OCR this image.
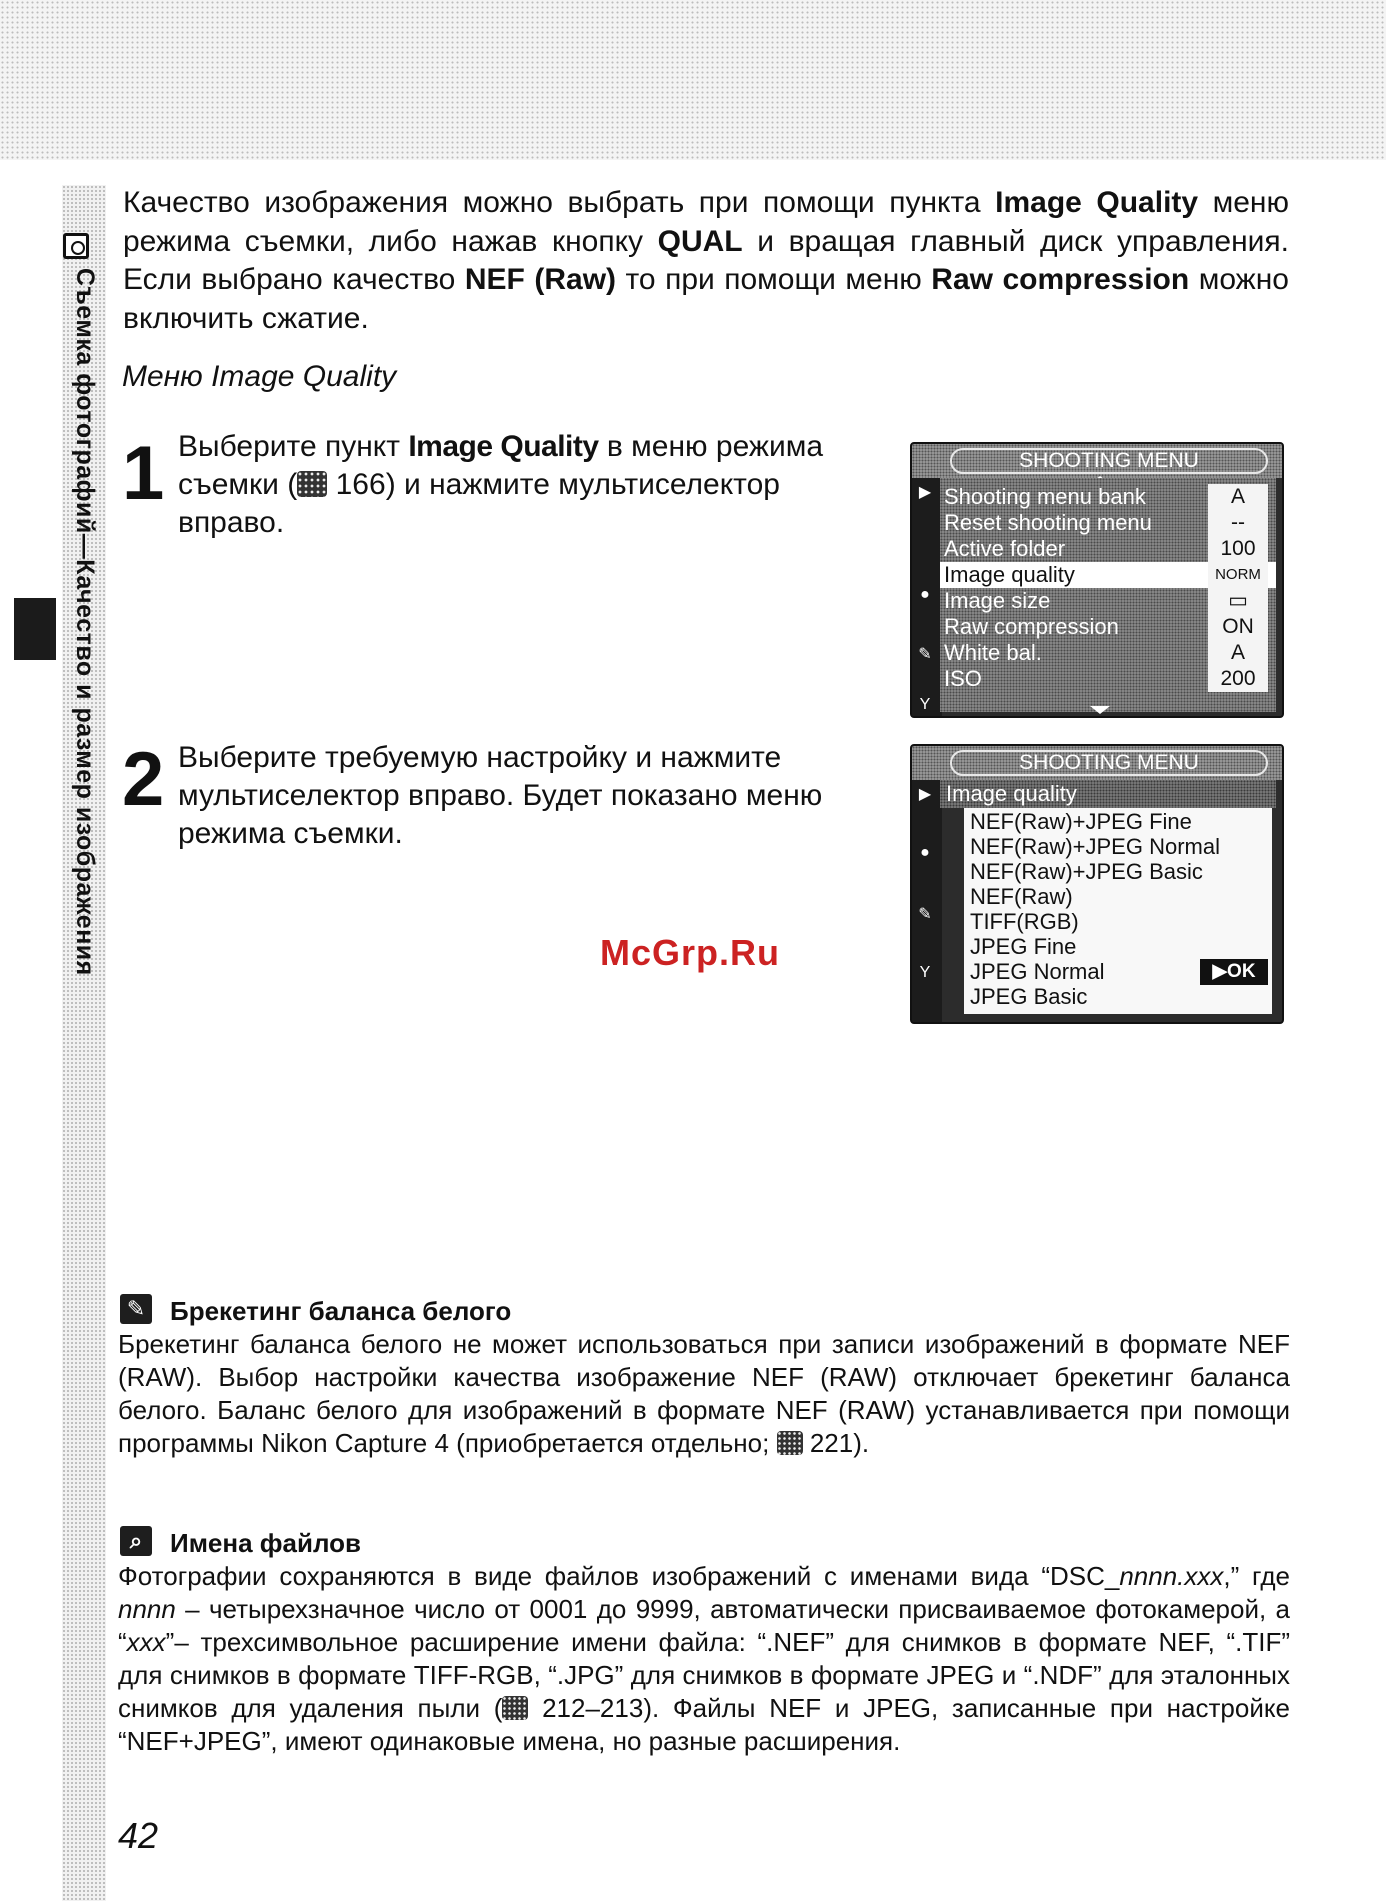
Съемка фотографий—Качество и размер изображения

Качество изображения можно выбрать при помощи пункта Image Quality меню режима съемки, либо нажав кнопку QUAL и вращая главный диск управления. Если выбрано качество NEF (Raw) то при помощи меню Raw compression можно включить сжатие.

Меню Image Quality
1 Выберите пункт Image Quality в меню режима съемки ( 166) и нажмите мультиселектор вправо.

SHOOTING MENU
▶
●
✎
Y
Shooting menu bank	A
Reset shooting menu	--
Active folder	100
Image quality	NORM
Image size	▭
Raw compression	ON
White bal.	A
ISO	200
2 Выберите требуемую настройку и нажмите мультиселектор вправо. Будет показано меню режима съемки.

SHOOTING MENU
▶
●
✎
Y
Image quality
NEF(Raw)+JPEG Fine
NEF(Raw)+JPEG Normal
NEF(Raw)+JPEG Basic
NEF(Raw)
TIFF(RGB)
JPEG Fine
JPEG Normal	▶OK
JPEG Basic
McGrp.Ru
✎ Брекетинг баланса белого

Брекетинг баланса белого не может использоваться при записи изображений в формате NEF (RAW). Выбор настройки качества изображение NEF (RAW) отключает брекетинг баланса белого. Баланс белого для изображений в формате NEF (RAW) устанавливается при помощи программы Nikon Capture 4 (приобретается отдельно;  221).

⌕	Имена файлов

Фотографии сохраняются в виде файлов изображений с именами вида “DSC_nnnn.xxx,” где nnnn – четырехзначное число от 0001 до 9999, автоматически присваиваемое фотокамерой, а “xxx”– трехсимвольное расширение имени файла: “.NEF” для снимков в формате NEF, “.TIF” для снимков в формате TIFF-RGB, “.JPG” для снимков в формате JPEG и “.NDF” для эталонных снимков для удаления пыли ( 212–213). Файлы NEF и JPEG, записанные при настройке “NEF+JPEG”, имеют одинаковые имена, но разные расширения.

42
